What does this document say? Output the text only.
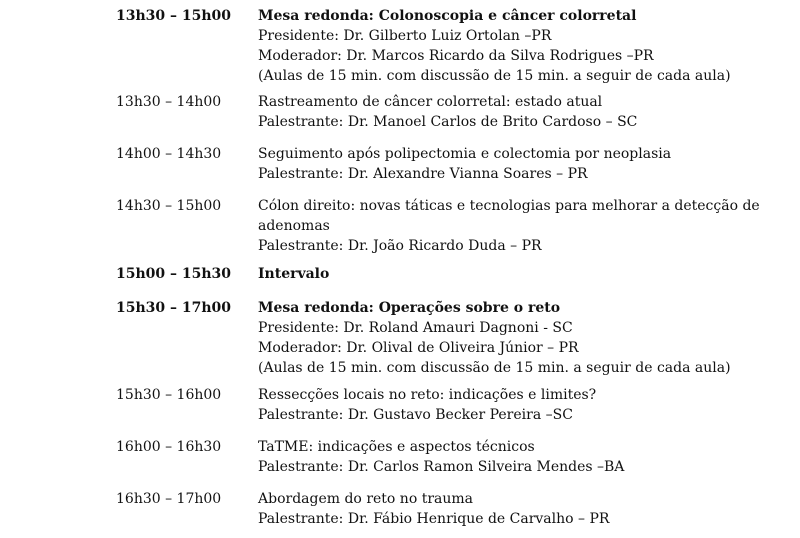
13h30 – 15h00 Mesa redonda: Colonoscopia e câncer colorretal
Presidente: Dr. Gilberto Luiz Ortolan –PR
Moderador: Dr. Marcos Ricardo da Silva Rodrigues –PR
(Aulas de 15 min. com discussão de 15 min. a seguir de cada aula)
13h30 – 14h00	Rastreamento de câncer colorretal: estado atual
Palestrante: Dr. Manoel Carlos de Brito Cardoso – SC
14h00 – 14h30	Seguimento após polipectomia e colectomia por neoplasia
Palestrante: Dr. Alexandre Vianna Soares – PR
14h30 – 15h00	Cólon direito: novas táticas e tecnologias para melhorar a detecção de
adenomas
Palestrante: Dr. João Ricardo Duda – PR
15h00 – 15h30 Intervalo
15h30 – 17h00 Mesa redonda: Operações sobre o reto
Presidente: Dr. Roland Amauri Dagnoni - SC
Moderador: Dr. Olival de Oliveira Júnior – PR
(Aulas de 15 min. com discussão de 15 min. a seguir de cada aula)
15h30 – 16h00	Ressecções locais no reto: indicações e limites?
Palestrante: Dr. Gustavo Becker Pereira –SC
16h00 – 16h30	TaTME: indicações e aspectos técnicos
Palestrante: Dr. Carlos Ramon Silveira Mendes –BA
16h30 – 17h00	Abordagem do reto no trauma
Palestrante: Dr. Fábio Henrique de Carvalho – PR
